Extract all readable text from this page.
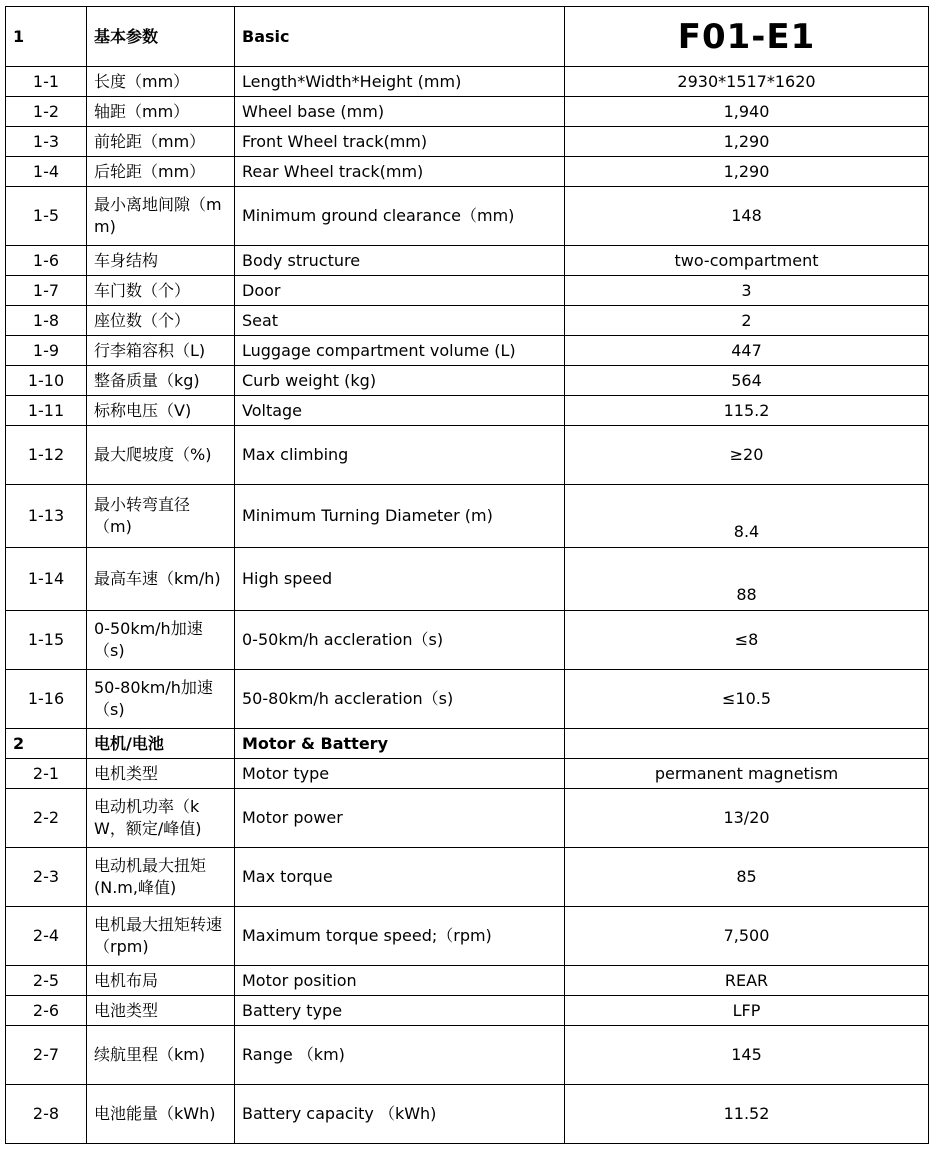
1	基本参数	Basic	F01-E1
1-1	长度（mm）	Length*Width*Height (mm)	2930*1517*1620
1-2	轴距（mm）	Wheel base (mm)	1,940
1-3	前轮距（mm）	Front Wheel track(mm)	1,290
1-4	后轮距（mm）	Rear Wheel track(mm)	1,290
1-5	最小离地间隙（mm)	Minimum ground clearance（mm)	148
1-6	车身结构	Body structure	two-compartment
1-7	车门数（个）	Door	3
1-8	座位数（个）	Seat	2
1-9	行李箱容积（L)	Luggage compartment volume (L)	447
1-10	整备质量（kg)	Curb weight (kg)	564
1-11	标称电压（V)	Voltage	115.2
1-12	最大爬坡度（%)	Max climbing	≥20
1-13	最小转弯直径（m)	Minimum Turning Diameter (m)	8.4
1-14	最高车速（km/h)	High speed	88
1-15	0-50km/h加速（s)	0-50km/h accleration（s)	≤8
1-16	50-80km/h加速（s)	50-80km/h accleration（s)	≤10.5
2	电机/电池	Motor & Battery	
2-1	电机类型	Motor type	permanent magnetism
2-2	电动机功率（kW，额定/峰值)	Motor power	13/20
2-3	电动机最大扭矩(N.m,峰值)	Max torque	85
2-4	电机最大扭矩转速（rpm)	Maximum torque speed;（rpm)	7,500
2-5	电机布局	Motor position	REAR
2-6	电池类型	Battery type	LFP
2-7	续航里程（km)	Range （km)	145
2-8	电池能量（kWh)	Battery capacity （kWh)	11.52
